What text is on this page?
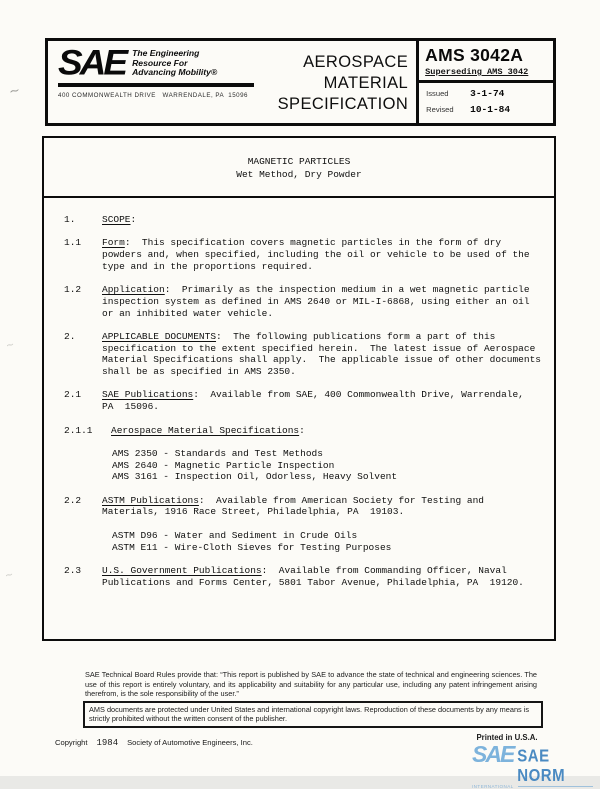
∼
∼
∼
SAE The Engineering
Resource For
Advancing Mobility®
400 COMMONWEALTH DRIVE   WARRENDALE, PA  15096
AEROSPACE
MATERIAL
SPECIFICATION
AMS 3042A
Superseding AMS 3042
Issued	3-1-74
Revised	10-1-84
MAGNETIC PARTICLES
Wet Method, Dry Powder
1.	SCOPE:
1.1	Form:  This specification covers magnetic particles in the form of dry
powders and, when specified, including the oil or vehicle to be used of the
type and in the proportions required.
1.2	Application:  Primarily as the inspection medium in a wet magnetic particle
inspection system as defined in AMS 2640 or MIL-I-6868, using either an oil
or an inhibited water vehicle.
2.	APPLICABLE DOCUMENTS:  The following publications form a part of this
specification to the extent specified herein.  The latest issue of Aerospace
Material Specifications shall apply.  The applicable issue of other documents
shall be as specified in AMS 2350.
2.1	SAE Publications:  Available from SAE, 400 Commonwealth Drive, Warrendale,
PA  15096.
2.1.1	Aerospace Material Specifications:
AMS 2350 - Standards and Test Methods
AMS 2640 - Magnetic Particle Inspection
AMS 3161 - Inspection Oil, Odorless, Heavy Solvent
2.2	ASTM Publications:  Available from American Society for Testing and
Materials, 1916 Race Street, Philadelphia, PA  19103.
ASTM D96 - Water and Sediment in Crude Oils
ASTM E11 - Wire-Cloth Sieves for Testing Purposes
2.3	U.S. Government Publications:  Available from Commanding Officer, Naval
Publications and Forms Center, 5801 Tabor Avenue, Philadelphia, PA  19120.

SAE Technical Board Rules provide that: “This report is published by SAE to advance the state of technical and engineering sciences. The use of this report is entirely voluntary, and its applicability and suitability for any particular use, including any patent infringement arising therefrom, is the sole responsibility of the user.”

AMS documents are protected under United States and international copyright laws. Reproduction of these documents by any means is strictly prohibited without the written consent of the publisher.
Copyright 1984 Society of Automotive Engineers, Inc.
Printed in U.S.A.
SAE SAE NORM
INTERNATIONAL
